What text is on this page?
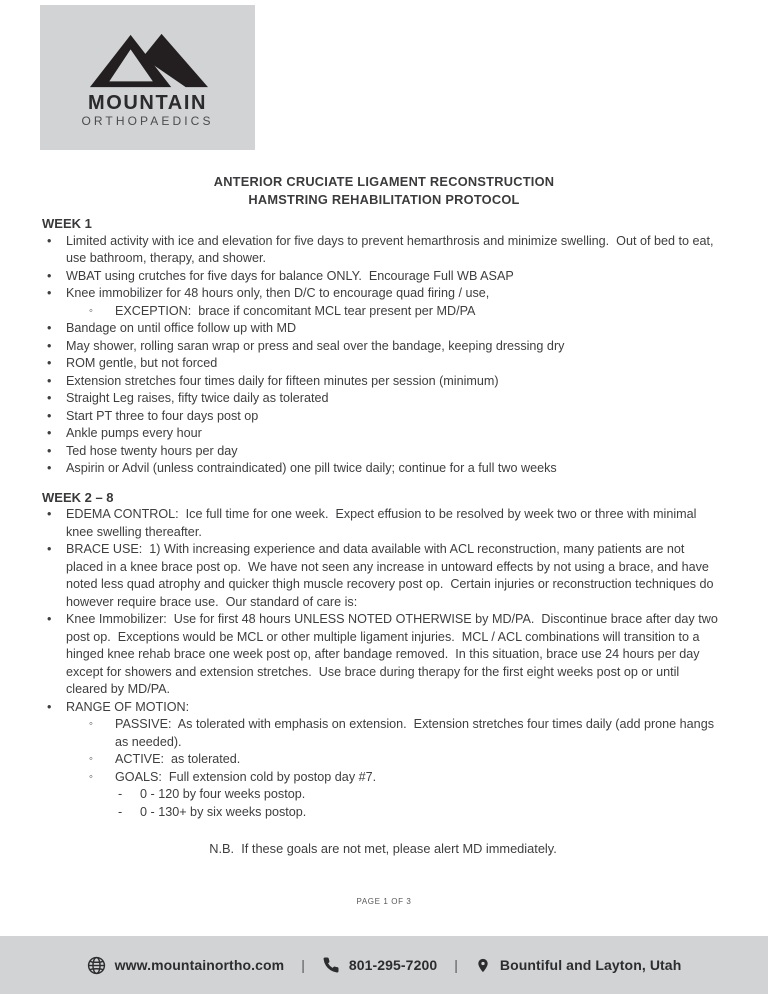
MOUNTAIN
ORTHOPAEDICS
ANTERIOR CRUCIATE LIGAMENT RECONSTRUCTION
HAMSTRING REHABILITATION PROTOCOL
WEEK 1
•	Limited activity with ice and elevation for five days to prevent hemarthrosis and minimize swelling.  Out of bed to eat, use bathroom, therapy, and shower.
•	WBAT using crutches for five days for balance ONLY.  Encourage Full WB ASAP
•	Knee immobilizer for 48 hours only, then D/C to encourage quad firing / use,
◦	EXCEPTION:  brace if concomitant MCL tear present per MD/PA
•	Bandage on until office follow up with MD
•	May shower, rolling saran wrap or press and seal over the bandage, keeping dressing dry
•	ROM gentle, but not forced
•	Extension stretches four times daily for fifteen minutes per session (minimum)
•	Straight Leg raises, fifty twice daily as tolerated
•	Start PT three to four days post op
•	Ankle pumps every hour
•	Ted hose twenty hours per day
•	Aspirin or Advil (unless contraindicated) one pill twice daily; continue for a full two weeks
WEEK 2 – 8
•	EDEMA CONTROL:  Ice full time for one week.  Expect effusion to be resolved by week two or three with minimal knee swelling thereafter.
•	BRACE USE:  1) With increasing experience and data available with ACL reconstruction, many patients are not placed in a knee brace post op.  We have not seen any increase in untoward effects by not using a brace, and have noted less quad atrophy and quicker thigh muscle recovery post op.  Certain injuries or reconstruction techniques do however require brace use.  Our standard of care is:
•	Knee Immobilizer:  Use for first 48 hours UNLESS NOTED OTHERWISE by MD/PA.  Discontinue brace after day two post op.  Exceptions would be MCL or other multiple ligament injuries.  MCL / ACL combinations will transition to a hinged knee rehab brace one week post op, after bandage removed.  In this situation, brace use 24 hours per day except for showers and extension stretches.  Use brace during therapy for the first eight weeks post op or until cleared by MD/PA.
•	RANGE OF MOTION:
◦	PASSIVE:  As tolerated with emphasis on extension.  Extension stretches four times daily (add prone hangs as needed).
◦	ACTIVE:  as tolerated.
◦	GOALS:  Full extension cold by postop day #7.
-	0 - 120 by four weeks postop.
-	0 - 130+ by six weeks postop.
N.B.  If these goals are not met, please alert MD immediately.
PAGE 1 OF 3
www.mountainortho.com |	801-295-7200 |	Bountiful and Layton, Utah
